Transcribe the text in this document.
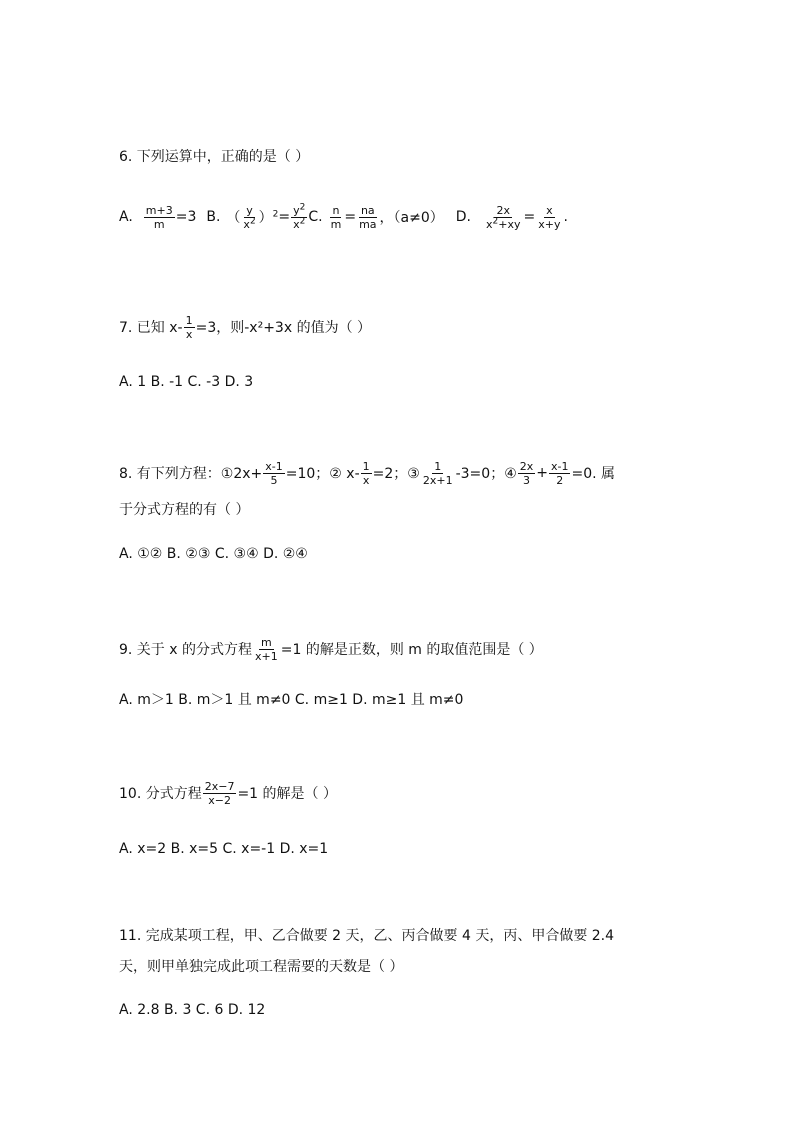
6. 下列运算中，正确的是（ ）
A. $\frac{m+3}{m} =3$ B. （ $\frac{y}{x^2} )^2 = \frac{y^2}{x^2} C$. $\frac{n}{m} = \frac{na}{ma}$ ，（a≠0） D. $\frac{2x}{x^2+xy} = \frac{x}{x+y}$ .
7. 已知 $x- \frac{1}{x} =3$，则-x²+3x 的值为（ ）
A. 1 B. -1 C. -3 D. 3
8. 有下列方程：①2x+ $\frac{x-1}{5} =10$；② $x- \frac{1}{x} =2$；③ $\frac{1}{2x+1} -3=0$；④ $\frac{2x}{3} + \frac{x-1}{2} =0$. 属
于分式方程的有（ ）
A. ①② B. ②③ C. ③④ D. ②④
9. 关于 x 的分式方程 $\frac{m}{x+1} =1$ 的解是正数，则 m 的取值范围是（ ）
A. m＞1 B. m＞1 且 m≠0 C. m≥1 D. m≥1 且 m≠0
10. 分式方程 $\frac{2x-7}{x-2} =1$ 的解是（ ）
A. x=2 B. x=5 C. x=-1 D. x=1
11. 完成某项工程，甲、乙合做要 2 天，乙、丙合做要 4 天，丙、甲合做要 2.4
天，则甲单独完成此项工程需要的天数是（ ）
A. 2.8 B. 3 C. 6 D. 12
